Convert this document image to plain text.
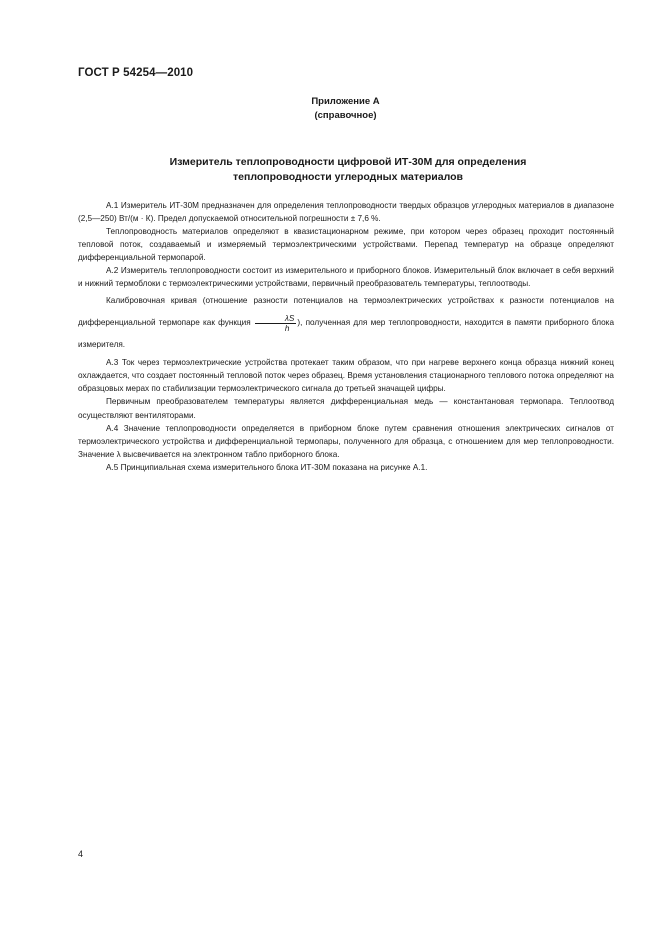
ГОСТ Р 54254—2010
Приложение А
(справочное)
Измеритель теплопроводности цифровой ИТ-30М для определения
теплопроводности углеродных материалов

А.1 Измеритель ИТ-30М предназначен для определения теплопроводности твердых образцов углеродных материалов в диапазоне (2,5—250) Вт/(м · К). Предел допускаемой относительной погрешности ± 7,6 %.

Теплопроводность материалов определяют в квазистационарном режиме, при котором через образец проходит постоянный тепловой поток, создаваемый и измеряемый термоэлектрическими устройствами. Перепад температур на образце определяют дифференциальной термопарой.

А.2 Измеритель теплопроводности состоит из измерительного и приборного блоков. Измерительный блок включает в себя верхний и нижний термоблоки с термоэлектрическими устройствами, первичный преобразователь температуры, теплоотводы.

Калибровочная кривая (отношение разности потенциалов на термоэлектрических устройствах к разности потенциалов на дифференциальной термопаре как функция $\frac{\lambda S}{h}$ ), полученная для мер теплопроводности, находится в памяти приборного блока измерителя.

А.3 Ток через термоэлектрические устройства протекает таким образом, что при нагреве верхнего конца образца нижний конец охлаждается, что создает постоянный тепловой поток через образец. Время установления стационарного теплового потока определяют на образцовых мерах по стабилизации термоэлектрического сигнала до третьей значащей цифры.

Первичным преобразователем температуры является дифференциальная медь — константановая термопара. Теплоотвод осуществляют вентиляторами.

А.4 Значение теплопроводности определяется в приборном блоке путем сравнения отношения электрических сигналов от термоэлектрического устройства и дифференциальной термопары, полученного для образца, с отношением для мер теплопроводности. Значение λ высвечивается на электронном табло приборного блока.

А.5 Принципиальная схема измерительного блока ИТ-30М показана на рисунке А.1.

4
